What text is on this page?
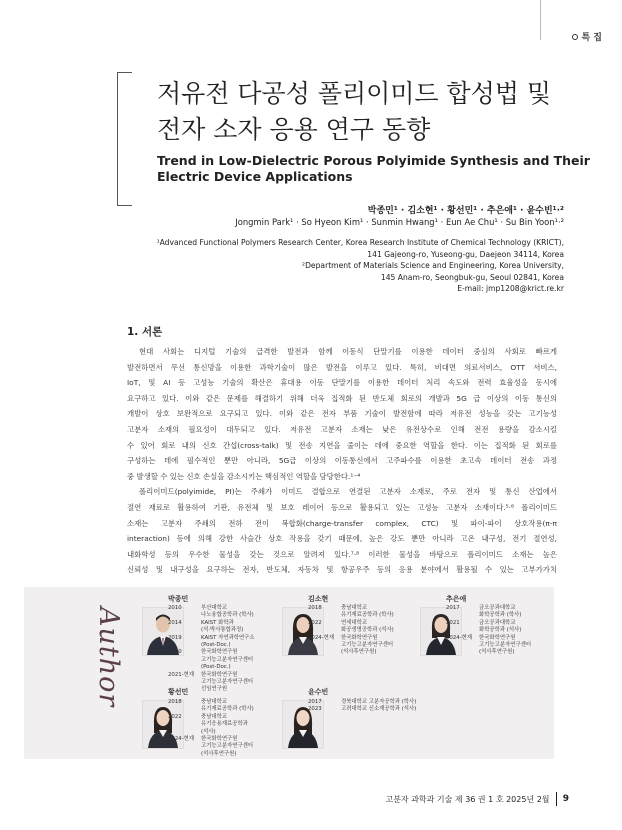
특 집
저유전 다공성 폴리이미드 합성법 및
전자 소자 응용 연구 동향
Trend in Low-Dielectric Porous Polyimide Synthesis and Their
Electric Device Applications
박종민¹ · 김소현¹ · 황선민¹ · 추은애¹ · 윤수빈¹·²
Jongmin Park¹ · So Hyeon Kim¹ · Sunmin Hwang¹ · Eun Ae Chu¹ · Su Bin Yoon¹·²
¹Advanced Functional Polymers Research Center, Korea Research Institute of Chemical Technology (KRICT),
141 Gajeong-ro, Yuseong-gu, Daejeon 34114, Korea
²Department of Materials Science and Engineering, Korea University,
145 Anam-ro, Seongbuk-gu, Seoul 02841, Korea
E-mail: jmp1208@krict.re.kr
1. 서론
현대 사회는 디지털 기술의 급격한 발전과 함께 이동식 단말기를 이용한 데이터 중심의 사회로 빠르게
발전하면서 무선 통신망을 이용한 과학기술이 많은 발전을 이루고 있다. 특히, 비대면 의료서비스, OTT 서비스,
IoT, 및 AI 등 고성능 기술의 확산은 휴대용 이동 단말기를 이용한 데이터 처리 속도와 전력 효율성을 동시에
요구하고 있다. 이와 같은 문제를 해결하기 위해 더욱 집적화 된 반도체 회로의 개발과 5G 급 이상의 이동 통신의
개발이 상호 보완적으로 요구되고 있다. 이와 같은 전자 부품 기술이 발전함에 따라 저유전 성능을 갖는 고기능성
고분자 소재의 필요성이 대두되고 있다. 저유전 고분자 소재는 낮은 유전상수로 인해 전전 용량을 감소시킬
수 있어 회로 내의 신호 간섭(cross-talk) 및 전송 지연을 줄이는 데에 중요한 역할을 한다. 이는 집적화 된 회로를
구성하는 데에 필수적인 뿐만 아니라, 5G급 이상의 이동통신에서 고주파수를 이용한 초고속 데이터 전송 과정
중 발생할 수 있는 신호 손실을 감소시키는 핵심적인 역할을 담당한다.¹⁻⁴
폴리이미드(polyimide, PI)는 주쇄가 이미드 결합으로 연결된 고분자 소재로, 주로 전자 및 통신 산업에서
절연 재료로 활용하여 기판, 유전체 및 보호 레이어 등으로 활용되고 있는 고성능 고분자 소재이다.⁵·⁶ 폴리이미드
소재는 고분자 주쇄의 전하 전이 복합화(charge-transfer complex, CTC) 및 파이-파이 상호작용(π-π
interaction) 등에 의해 강한 사슬간 상호 작용을 갖기 때문에, 높은 강도 뿐만 아니라 고온 내구성, 전기 절연성,
내화학성 등의 우수한 물성을 갖는 것으로 알려져 있다.⁷·⁸ 이러한 물성을 바탕으로 폴리이미드 소재는 높은
신뢰성 및 내구성을 요구하는 전자, 반도체, 자동차 및 항공우주 등의 응용 분야에서 활용될 수 있는 고부가가치
Author
박종민
2010	부산대학교
나노융합공학과 (학사)
2014	KAIST 화학과
(석·박사통합과정)
2019	KAIST 자연과학연구소
(Post-Doc.)
2020	한국화학연구원
고기능고분자연구센터
(Post-Doc.)
2021-현재	한국화학연구원
고기능고분자연구센터
선임연구원
김소현
2018	충남대학교
유기재료공학과 (학사)
2022	연세대학교
화공생명공학과 (석사)
2024-현재	한국화학연구원
고기능고분자연구센터
(석사후연구원)
추은애
2017	금오공과대학교
화학공학과 (학사)
2021	금오공과대학교
화학공학과 (석사)
2024-현재	한국화학연구원
고기능고분자연구센터
(석사후연구원)
황선민
2018	충남대학교
유기재료공학과 (학사)
2022	충남대학교
유기응용재료공학과
(석사)
2024-현재	한국화학연구원
고기능고분자연구센터
(석사후연구원)
윤수빈
2017	경북대학교 고분자공학과 (학사)
2023	고려대학교 신소재공학과 (석사)
고분자 과학과 기술 제 36 권 1 호 2025년 2월 9
